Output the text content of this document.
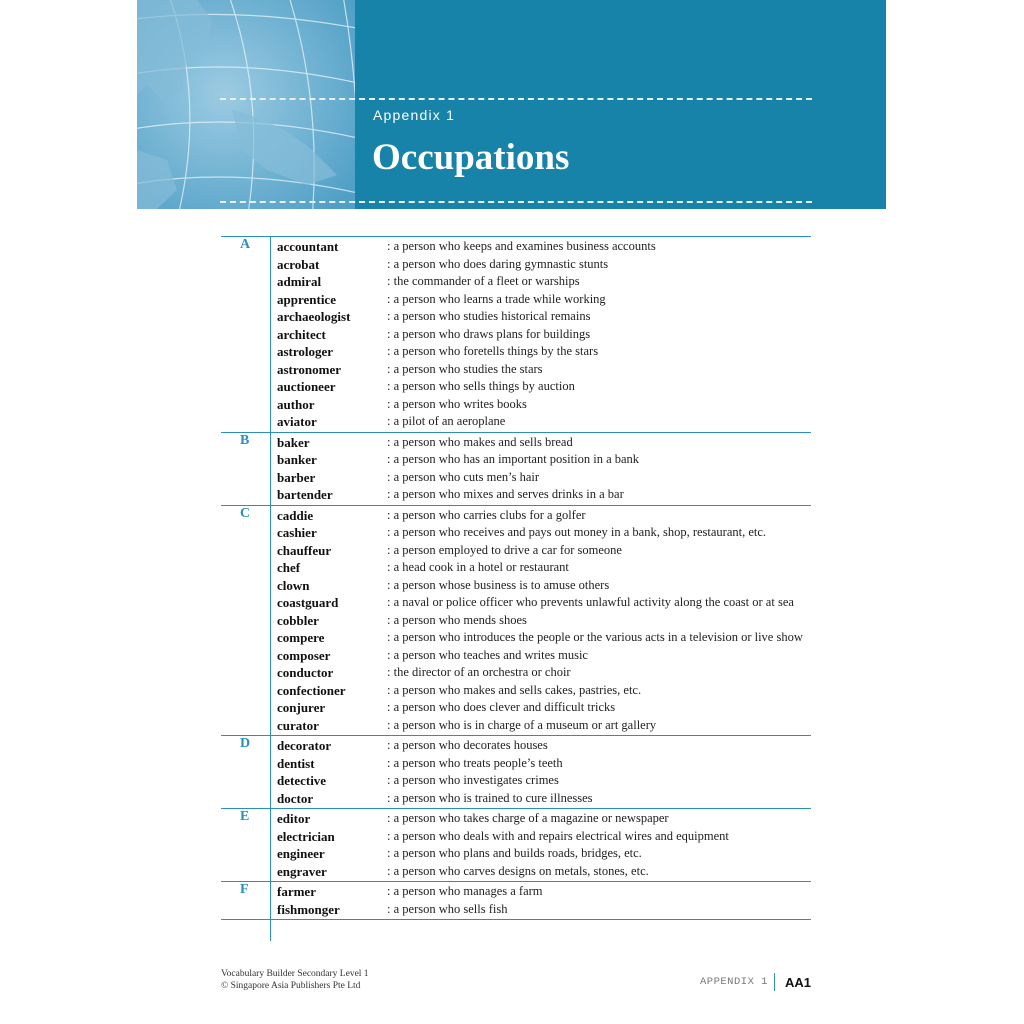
Appendix 1
Occupations
A accountant	: a person who keeps and examines business accounts
acrobat	: a person who does daring gymnastic stunts
admiral	: the commander of a fleet or warships
apprentice	: a person who learns a trade while working
archaeologist	: a person who studies historical remains
architect	: a person who draws plans for buildings
astrologer	: a person who foretells things by the stars
astronomer	: a person who studies the stars
auctioneer	: a person who sells things by auction
author	: a person who writes books
aviator	: a pilot of an aeroplane
B baker	: a person who makes and sells bread
banker	: a person who has an important position in a bank
barber	: a person who cuts men’s hair
bartender	: a person who mixes and serves drinks in a bar
C caddie	: a person who carries clubs for a golfer
cashier	: a person who receives and pays out money in a bank, shop, restaurant, etc.
chauffeur	: a person employed to drive a car for someone
chef	: a head cook in a hotel or restaurant
clown	: a person whose business is to amuse others
coastguard	: a naval or police officer who prevents unlawful activity along the coast or at sea
cobbler	: a person who mends shoes
compere	: a person who introduces the people or the various acts in a television or live show
composer	: a person who teaches and writes music
conductor	: the director of an orchestra or choir
confectioner	: a person who makes and sells cakes, pastries, etc.
conjurer	: a person who does clever and difficult tricks
curator	: a person who is in charge of a museum or art gallery
D decorator	: a person who decorates houses
dentist	: a person who treats people’s teeth
detective	: a person who investigates crimes
doctor	: a person who is trained to cure illnesses
E editor	: a person who takes charge of a magazine or newspaper
electrician	: a person who deals with and repairs electrical wires and equipment
engineer	: a person who plans and builds roads, bridges, etc.
engraver	: a person who carves designs on metals, stones, etc.
F farmer	: a person who manages a farm
fishmonger	: a person who sells fish
Vocabulary Builder Secondary Level 1
© Singapore Asia Publishers Pte Ltd	APPENDIX 1	AA1
